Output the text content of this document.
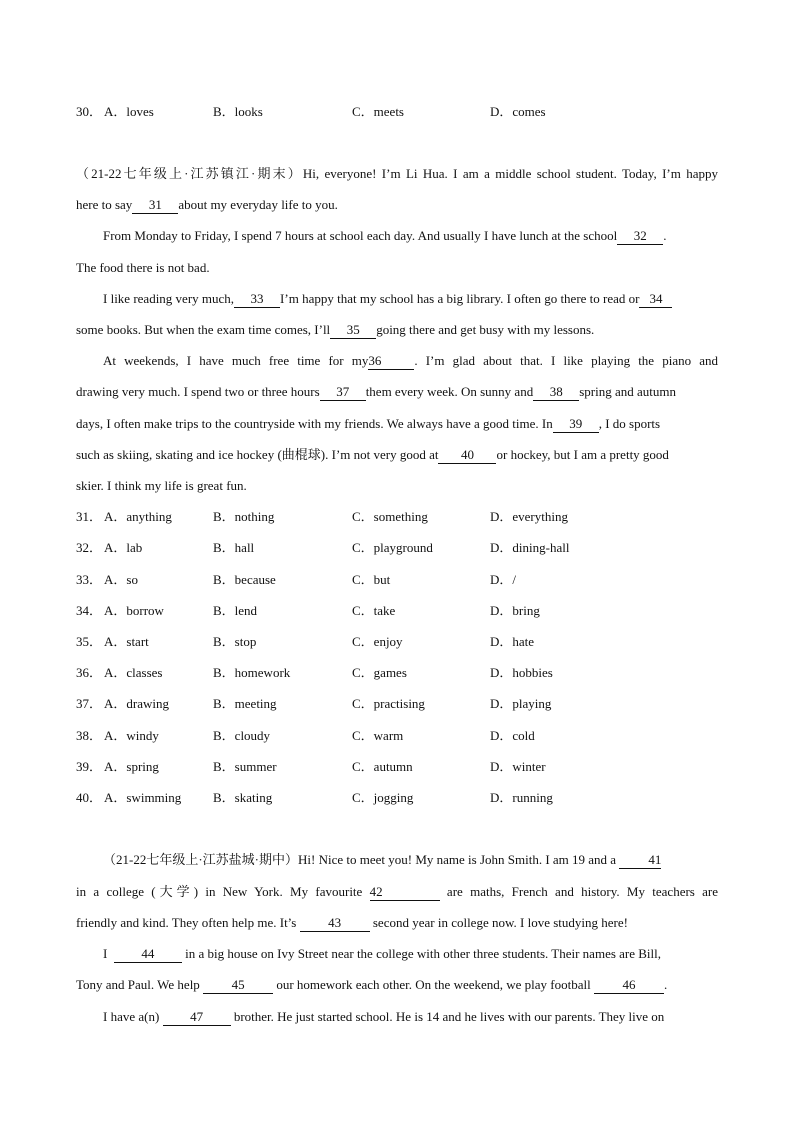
30． A．loves	B．looks	C．meets	D．comes
（21-22七年级上·江苏镇江·期末）Hi, everyone! I’m Li Hua. I am a middle school student. Today, I’m happy
here to say 31 about my everyday life to you.
From Monday to Friday, I spend 7 hours at school each day. And usually I have lunch at the school 32 .
The food there is not bad.
I like reading very much, 33 I’m happy that my school has a big library. I often go there to read or 34
some books. But when the exam time comes, I’ll 35 going there and get busy with my lessons.
At weekends, I have much free time for my36	. I’m glad about that. I like playing the piano and
drawing very much. I spend two or three hours 37 them every week. On sunny and 38 spring and autumn
days, I often make trips to the countryside with my friends. We always have a good time. In 39 , I do sports
such as skiing, skating and ice hockey (曲棍球). I’m not very good at 40 or hockey, but I am a pretty good
skier. I think my life is great fun.
31． A．anything	B．nothing	C．something	D．everything
32． A．lab	B．hall	C．playground	D．dining-hall
33． A．so	B．because	C．but	D．/
34． A．borrow	B．lend	C．take	D．bring
35． A．start	B．stop	C．enjoy	D．hate
36． A．classes	B．homework	C．games	D．hobbies
37． A．drawing	B．meeting	C．practising	D．playing
38． A．windy	B．cloudy	C．warm	D．cold
39． A．spring	B．summer	C．autumn	D．winter
40． A．swimming B．skating	C．jogging	D．running
（21-22七年级上·江苏盐城·期中）Hi! Nice to meet you! My name is John Smith. I am 19 and a 41
in a college (大学) in New York. My favourite 42	are maths, French and history. My teachers are
friendly and kind. They often help me. It’s 43 second year in college now. I love studying here!
I	44 in a big house on Ivy Street near the college with other three students. Their names are Bill,
Tony and Paul. We help 45 our homework each other. On the weekend, we play football 46 .
I have a(n) 47 brother. He just started school. He is 14 and he lives with our parents. They live on
